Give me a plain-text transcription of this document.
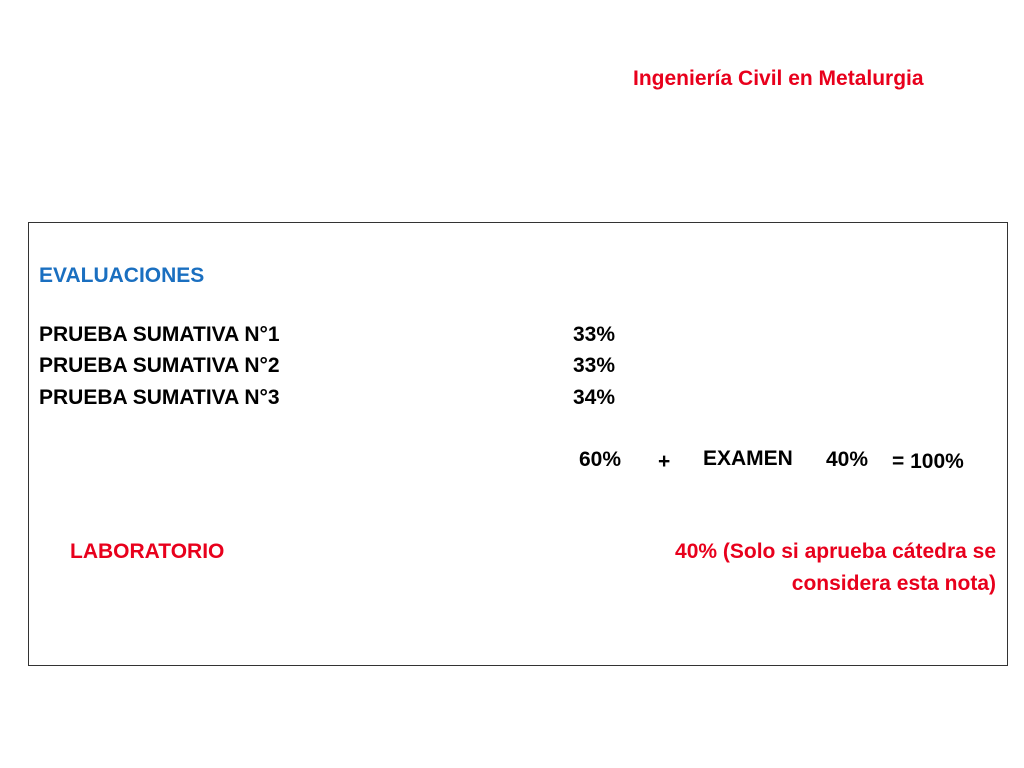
Ingeniería Civil en Metalurgia
EVALUACIONES
PRUEBA SUMATIVA N°1	33%
PRUEBA SUMATIVA N°2	33%
PRUEBA SUMATIVA N°3	34%
60% + EXAMEN 40% = 100%
LABORATORIO	40% (Solo si aprueba cátedra se
considera esta nota)
